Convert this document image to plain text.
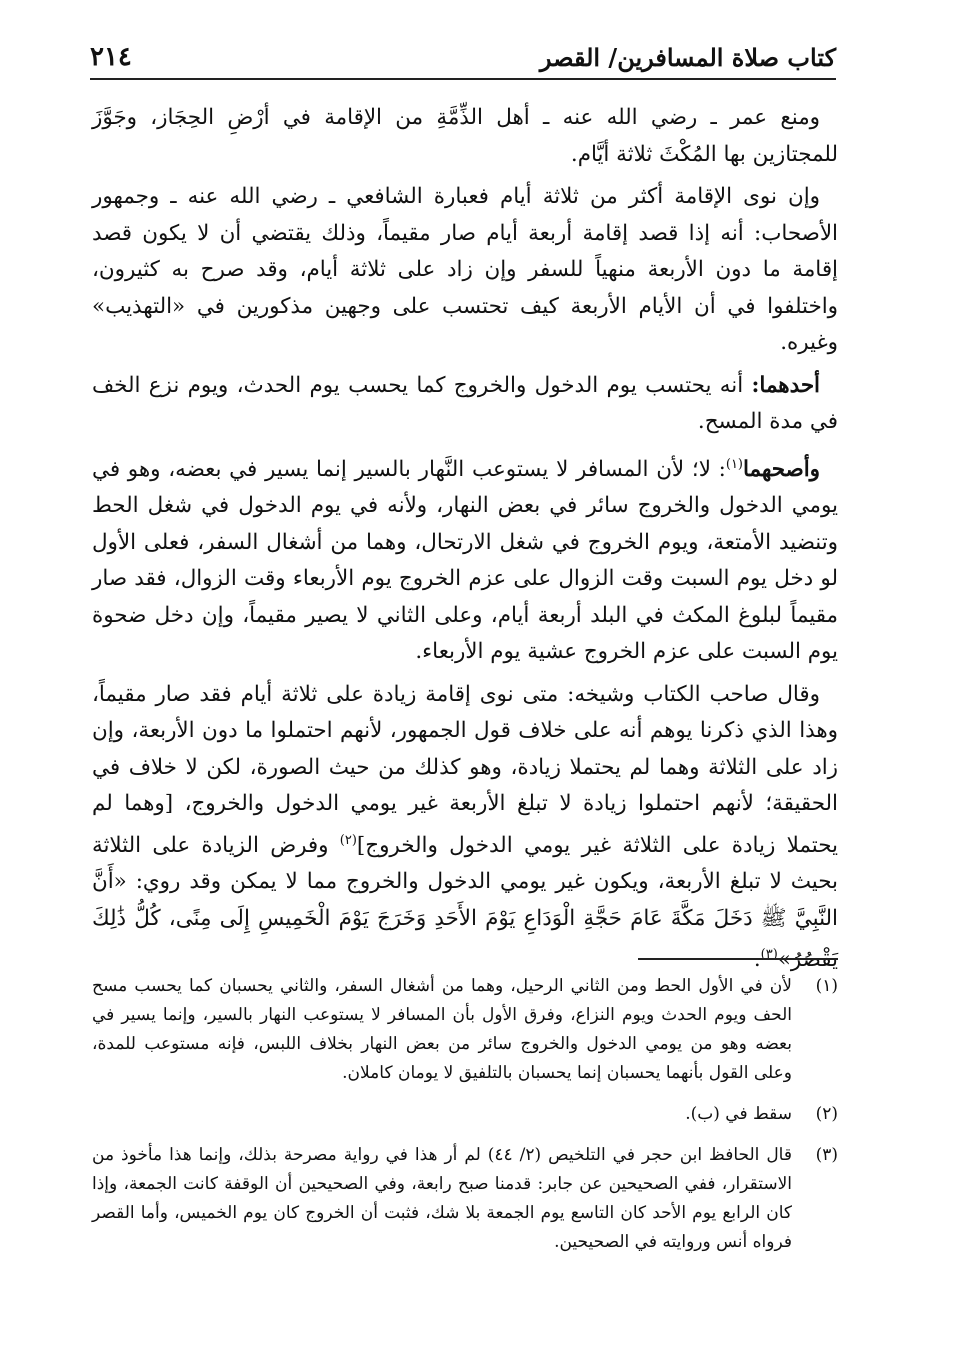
كتاب صلاة المسافرين/ القصر
٢١٤

ومنع عمر ـ رضي الله عنه ـ أهل الذِّمَّةِ من الإقامة في أرْضِ الحِجَاز، وجَوَّزَ للمجتازين بها المُكْثَ ثلاثة أيَّام.

وإن نوى الإقامة أكثر من ثلاثة أيام فعبارة الشافعي ـ رضي الله عنه ـ وجمهور الأصحاب: أنه إذا قصد إقامة أربعة أيام صار مقيماً، وذلك يقتضي أن لا يكون قصد إقامة ما دون الأربعة منهياً للسفر وإن زاد على ثلاثة أيام، وقد صرح به كثيرون، واختلفوا في أن الأيام الأربعة كيف تحتسب على وجهين مذكورين في «التهذيب» وغيره.

أحدهما: أنه يحتسب يوم الدخول والخروج كما يحسب يوم الحدث، ويوم نزع الخف في مدة المسح.

وأصحهما$^{(١)}$: لا؛ لأن المسافر لا يستوعب النَّهار بالسير إنما يسير في بعضه، وهو في يومي الدخول والخروج سائر في بعض النهار، ولأنه في يوم الدخول في شغل الحط وتنضيد الأمتعة، ويوم الخروج في شغل الارتحال، وهما من أشغال السفر، فعلى الأول لو دخل يوم السبت وقت الزوال على عزم الخروج يوم الأربعاء وقت الزوال، فقد صار مقيماً لبلوغ المكث في البلد أربعة أيام، وعلى الثاني لا يصير مقيماً، وإن دخل ضحوة يوم السبت على عزم الخروج عشية يوم الأربعاء.

وقال صاحب الكتاب وشيخه: متى نوى إقامة زيادة على ثلاثة أيام فقد صار مقيماً، وهذا الذي ذكرنا يوهم أنه على خلاف قول الجمهور، لأنهم احتملوا ما دون الأربعة، وإن زاد على الثلاثة وهما لم يحتملا زيادة، وهو كذلك من حيث الصورة، لكن لا خلاف في الحقيقة؛ لأنهم احتملوا زيادة لا تبلغ الأربعة غير يومي الدخول والخروج، [وهما لم يحتملا زيادة على الثلاثة غير يومي الدخول والخروج]$^{(٢)}$ وفرض الزيادة على الثلاثة بحيث لا تبلغ الأربعة، ويكون غير يومي الدخول والخروج مما لا يمكن وقد روي: «أَنَّ النَّبِيَّ ﷺ دَخَلَ مَكَّةَ عَامَ حَجَّةِ الْوَدَاعِ يَوْمَ الأَحَدِ وَخَرَجَ يَوْمَ الْخَمِيسِ إِلَى مِنًى، كُلُّ ذَٰلِكَ يَقْصُرُ»$^{(٣)}$.

(١)
لأن في الأول الحط ومن الثاني الرحيل، وهما من أشغال السفر، والثاني يحسبان كما يحسب مسح الحف ويوم الحدث ويوم النزاع، وفرق الأول بأن المسافر لا يستوعب النهار بالسير، وإنما يسير في بعضه وهو من يومي الدخول والخروج سائر من بعض النهار بخلاف اللبس، فإنه مستوعب للمدة، وعلى القول بأنهما يحسبان إنما يحسبان بالتلفيق لا يومان كاملان.
(٢)
سقط في (ب).
(٣)
قال الحافظ ابن حجر في التلخيص (٢/ ٤٤) لم أر هذا في رواية مصرحة بذلك، وإنما هذا مأخوذ من الاستقرار، ففي الصحيحين عن جابر: قدمنا صبح رابعة، وفي الصحيحين أن الوقفة كانت الجمعة، وإذا كان الرابع يوم الأحد كان التاسع يوم الجمعة بلا شك، فثبت أن الخروج كان يوم الخميس، وأما القصر فرواه أنس وروايته في الصحيحين.
